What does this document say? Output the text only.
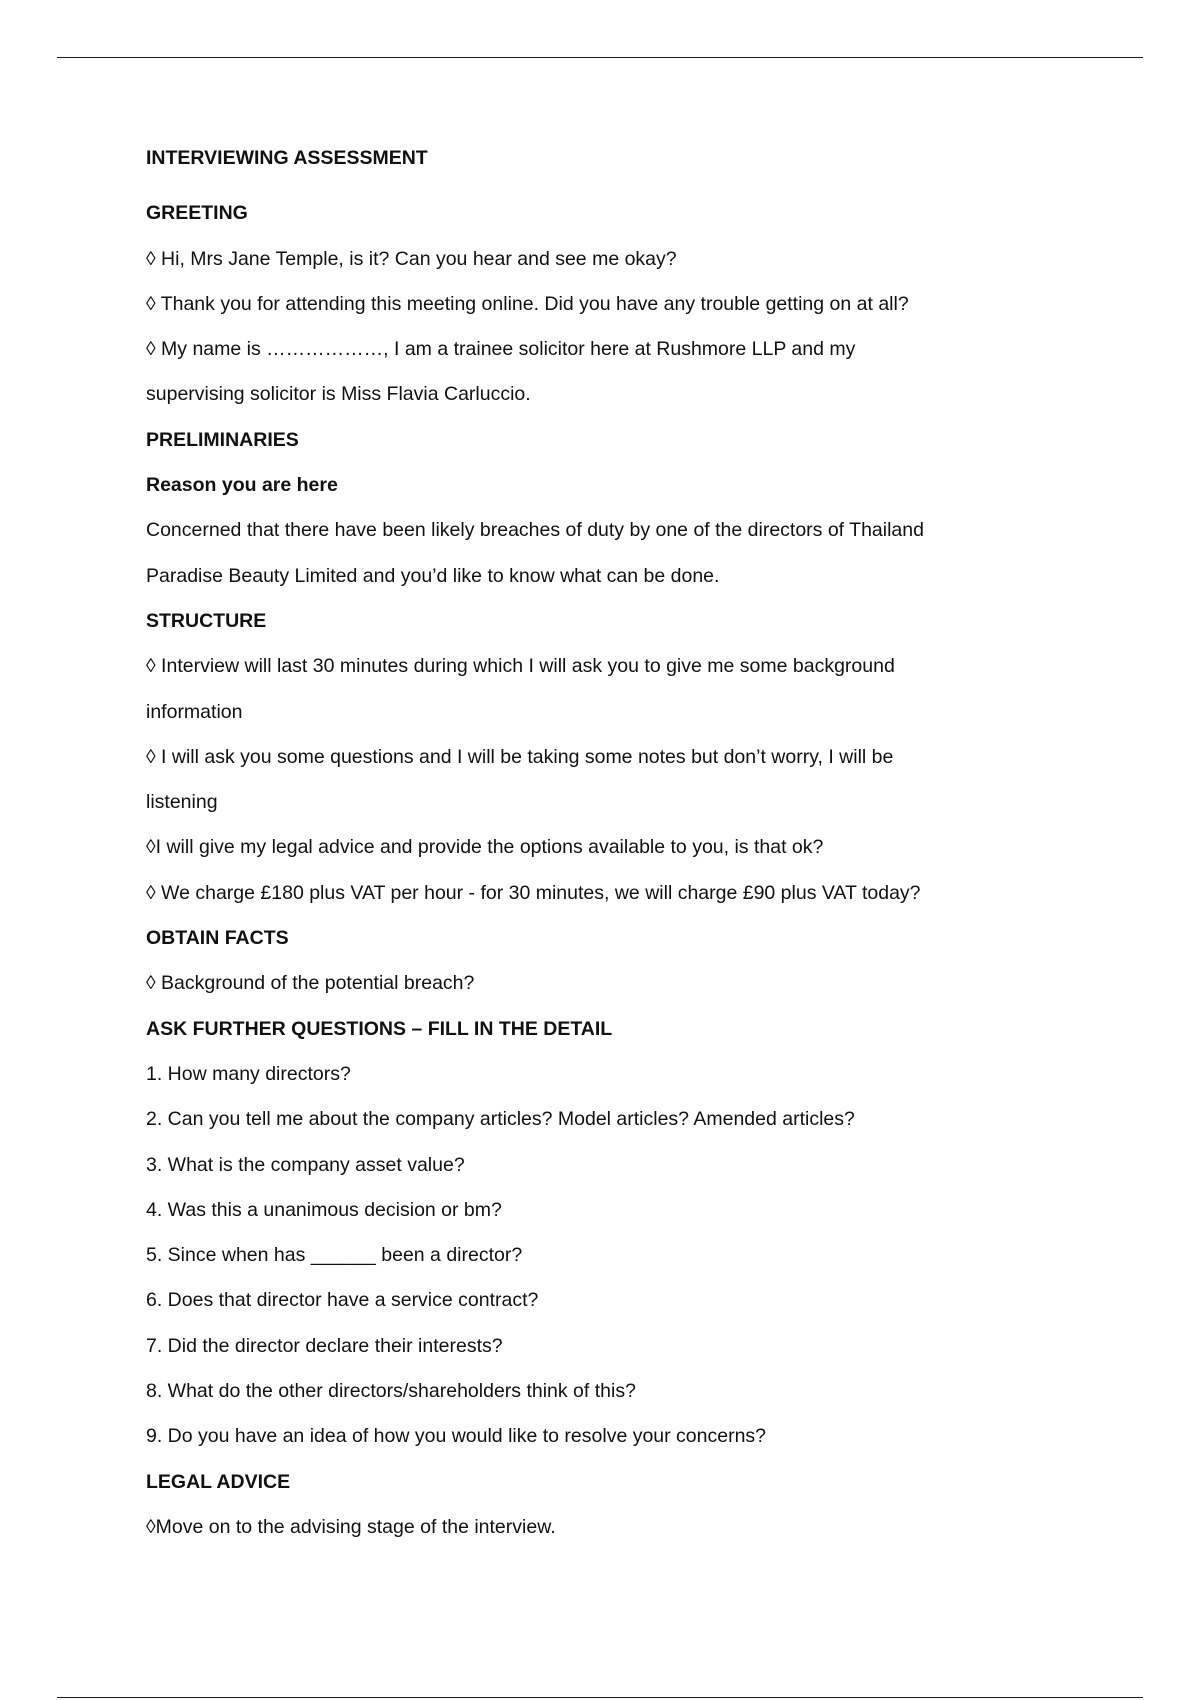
INTERVIEWING ASSESSMENT

GREETING

◊ Hi, Mrs Jane Temple, is it? Can you hear and see me okay?

◊ Thank you for attending this meeting online. Did you have any trouble getting on at all?

◊ My name is ………………, I am a trainee solicitor here at Rushmore LLP and my

supervising solicitor is Miss Flavia Carluccio.

PRELIMINARIES

Reason you are here

Concerned that there have been likely breaches of duty by one of the directors of Thailand

Paradise Beauty Limited and you’d like to know what can be done.

STRUCTURE

◊ Interview will last 30 minutes during which I will ask you to give me some background

information

◊ I will ask you some questions and I will be taking some notes but don’t worry, I will be

listening

◊I will give my legal advice and provide the options available to you, is that ok?

◊ We charge £180 plus VAT per hour - for 30 minutes, we will charge £90 plus VAT today?

OBTAIN FACTS

◊ Background of the potential breach?

ASK FURTHER QUESTIONS – FILL IN THE DETAIL

1. How many directors?

2. Can you tell me about the company articles? Model articles? Amended articles?

3. What is the company asset value?

4. Was this a unanimous decision or bm?

5. Since when has ______ been a director?

6. Does that director have a service contract?

7. Did the director declare their interests?

8. What do the other directors/shareholders think of this?

9. Do you have an idea of how you would like to resolve your concerns?

LEGAL ADVICE

◊Move on to the advising stage of the interview.
